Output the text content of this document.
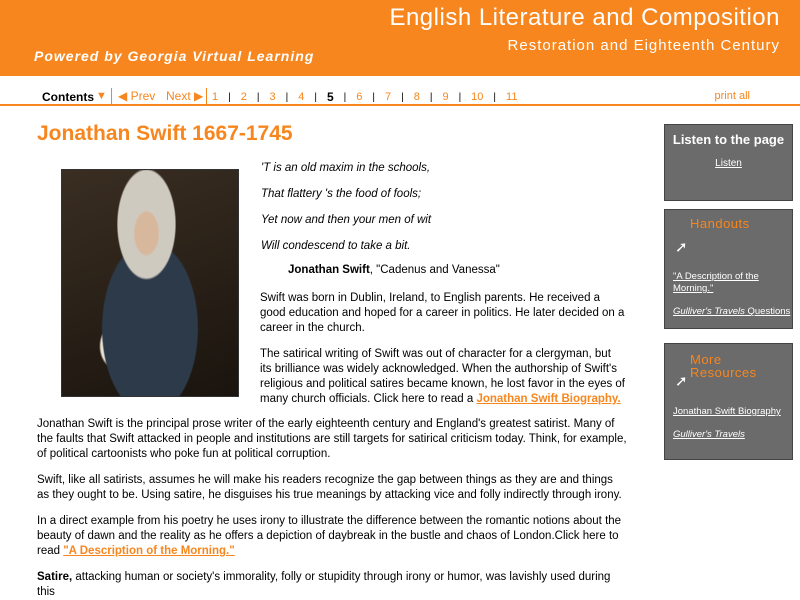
English Literature and Composition
Restoration and Eighteenth Century
Powered by Georgia Virtual Learning
Contents ▼ ◀ Prev Next ▶ 1 | 2 | 3 | 4 | 5 | 6 | 7 | 8 | 9 | 10 | 11	print all
Jonathan Swift 1667-1745
'T is an old maxim in the schools,
That flattery 's the food of fools;
Yet now and then your men of wit
Will condescend to take a bit.
Jonathan Swift, "Cadenus and Vanessa"
Swift was born in Dublin, Ireland, to English parents. He received a good education and hoped for a career in politics. He later decided on a career in the church.
The satirical writing of Swift was out of character for a clergyman, but its brilliance was widely acknowledged. When the authorship of Swift's religious and political satires became known, he lost favor in the eyes of many church officials. Click here to read a Jonathan Swift Biography.
Jonathan Swift is the principal prose writer of the early eighteenth century and England's greatest satirist. Many of the faults that Swift attacked in people and institutions are still targets for satirical criticism today. Think, for example, of political cartoonists who poke fun at political corruption.
Swift, like all satirists, assumes he will make his readers recognize the gap between things as they are and things as they ought to be. Using satire, he disguises his true meanings by attacking vice and folly indirectly through irony.
In a direct example from his poetry he uses irony to illustrate the difference between the romantic notions about the beauty of dawn and the reality as he offers a depiction of daybreak in the bustle and chaos of London.Click here to read "A Description of the Morning."
Satire, attacking human or society's immorality, folly or stupidity through irony or humor, was lavishly used during this
Listen to the page
Listen
Handouts
➚
"A Description of the Morning."
Gulliver's Travels Questions
More Resources
➚
Jonathan Swift Biography
Gulliver's Travels
